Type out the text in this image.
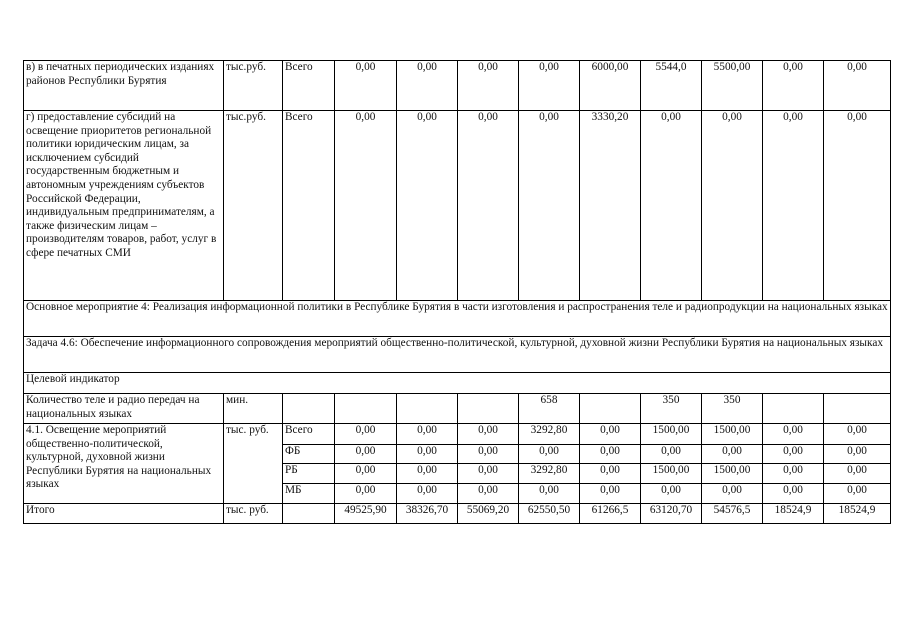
в) в печатных периодических изданиях районов Республики Бурятия	тыс.руб.	Всего	0,00	0,00	0,00	0,00	6000,00	5544,0	5500,00	0,00	0,00
г) предоставление субсидий на освещение приоритетов региональной политики юридическим лицам, за исключением субсидий государственным бюджетным и автономным учреждениям субъектов Российской Федерации, индивидуальным предпринимателям, а также физическим лицам – производителям товаров, работ, услуг в сфере печатных СМИ	тыс.руб.	Всего	0,00	0,00	0,00	0,00	3330,20	0,00	0,00	0,00	0,00
Основное мероприятие 4: Реализация информационной политики в Республике Бурятия в части изготовления и распространения теле и радиопродукции на национальных языках											
Задача 4.6: Обеспечение информационного сопровождения мероприятий общественно-политической, культурной, духовной жизни Республики Бурятия на национальных языках											
Целевой индикатор											
Количество теле и радио передач на национальных языках	мин.					658		350	350		
4.1. Освещение мероприятий общественно-политической, культурной, духовной жизни Республики Бурятия на национальных языках	тыс. руб.	Всего	0,00	0,00	0,00	3292,80	0,00	1500,00	1500,00	0,00	0,00
		ФБ	0,00	0,00	0,00	0,00	0,00	0,00	0,00	0,00	0,00
		РБ	0,00	0,00	0,00	3292,80	0,00	1500,00	1500,00	0,00	0,00
		МБ	0,00	0,00	0,00	0,00	0,00	0,00	0,00	0,00	0,00
Итого	тыс. руб.		49525,90	38326,70	55069,20	62550,50	61266,5	63120,70	54576,5	18524,9	18524,9
